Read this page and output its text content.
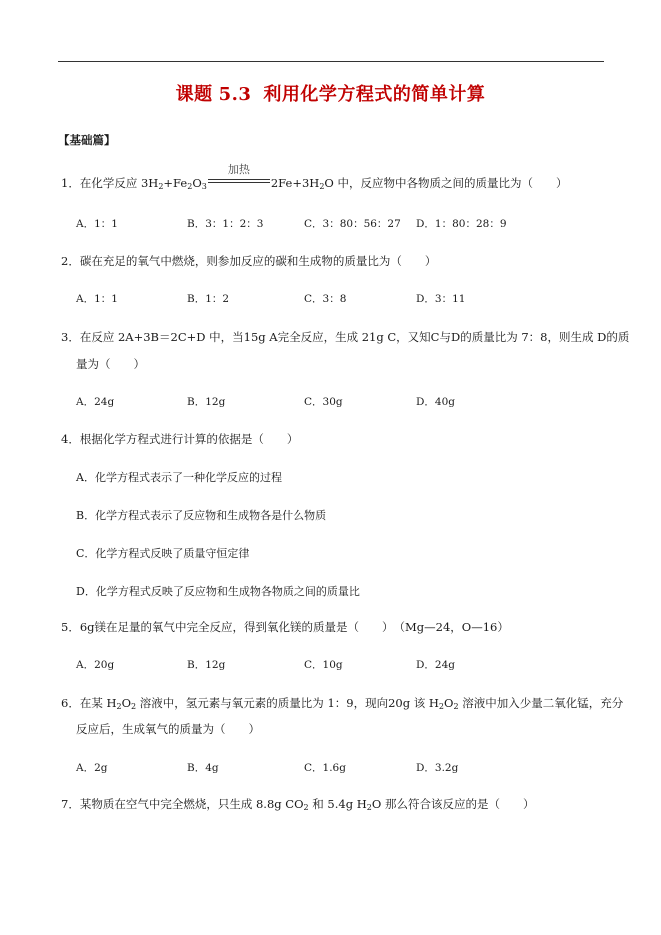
课题 5.3 利用化学方程式的简单计算
【基础篇】
1．在化学反应 $3H_2+Fe_2O_3$
加热
$2Fe+3H_2O$ 中，反应物中各物质之间的质量比为（　　）
A．1：1	B．3：1：2：3	C．3：80：56：27 D．1：80：28：9
2．碳在充足的氧气中燃烧，则参加反应的碳和生成物的质量比为（　　）
A．1：1	B．1：2	C．3：8	D．3：11
3．在反应 2A+3B＝2C+D 中，当15g A完全反应，生成 21g C，又知C与D的质量比为 7：8，则生成 D的质
量为（　　）
A．24g	B．12g	C．30g	D．40g
4．根据化学方程式进行计算的依据是（　　）
A．化学方程式表示了一种化学反应的过程
B．化学方程式表示了反应物和生成物各是什么物质
C．化学方程式反映了质量守恒定律
D．化学方程式反映了反应物和生成物各物质之间的质量比
5．6g镁在足量的氧气中完全反应，得到氧化镁的质量是（　　）　（Mg—24，O—16）
A．20g	B．12g	C．10g	D．24g
6．在某 $H_2O_2$ 溶液中，氢元素与氧元素的质量比为 1：9，现向20g 该 $H_2O_2$ 溶液中加入少量二氧化锰，充分
反应后，生成氧气的质量为（　　）
A．2g	B．4g	C．1.6g	D．3.2g
7．某物质在空气中完全燃烧，只生成 8.8g $CO_2$ 和 5.4g $H_2O$ 那么符合该反应的是（　　）
